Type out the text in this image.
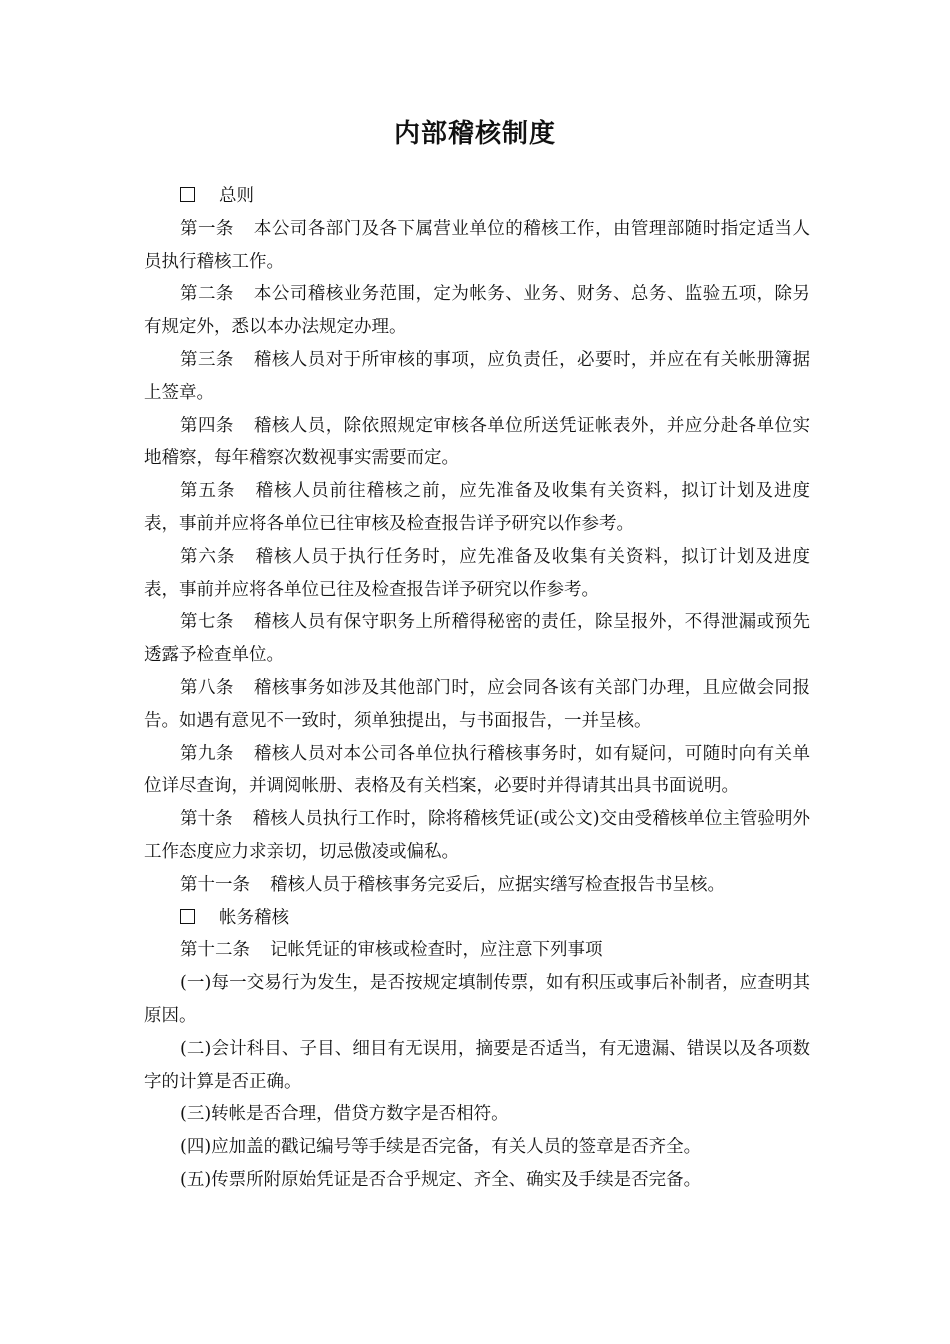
内部稽核制度

总则

第一条 本公司各部门及各下属营业单位的稽核工作，由管理部随时指定适当人员执行稽核工作。

第二条 本公司稽核业务范围，定为帐务、业务、财务、总务、监验五项，除另有规定外，悉以本办法规定办理。

第三条 稽核人员对于所审核的事项，应负责任，必要时，并应在有关帐册簿据上签章。

第四条 稽核人员，除依照规定审核各单位所送凭证帐表外，并应分赴各单位实地稽察，每年稽察次数视事实需要而定。

第五条 稽核人员前往稽核之前，应先准备及收集有关资料，拟订计划及进度表，事前并应将各单位已往审核及检查报告详予研究以作参考。

第六条 稽核人员于执行任务时，应先准备及收集有关资料，拟订计划及进度表，事前并应将各单位已往及检查报告详予研究以作参考。

第七条 稽核人员有保守职务上所稽得秘密的责任，除呈报外，不得泄漏或预先透露予检查单位。

第八条 稽核事务如涉及其他部门时，应会同各该有关部门办理，且应做会同报告。如遇有意见不一致时，须单独提出，与书面报告，一并呈核。

第九条 稽核人员对本公司各单位执行稽核事务时，如有疑问，可随时向有关单位详尽查询，并调阅帐册、表格及有关档案，必要时并得请其出具书面说明。

第十条 稽核人员执行工作时，除将稽核凭证(或公文)交由受稽核单位主管验明外工作态度应力求亲切，切忌傲凌或偏私。

第十一条 稽核人员于稽核事务完妥后，应据实缮写检查报告书呈核。

帐务稽核

第十二条 记帐凭证的审核或检查时，应注意下列事项

(一)每一交易行为发生，是否按规定填制传票，如有积压或事后补制者，应查明其原因。

(二)会计科目、子目、细目有无误用，摘要是否适当，有无遗漏、错误以及各项数字的计算是否正确。

(三)转帐是否合理，借贷方数字是否相符。

(四)应加盖的戳记编号等手续是否完备，有关人员的签章是否齐全。

(五)传票所附原始凭证是否合乎规定、齐全、确实及手续是否完备。
